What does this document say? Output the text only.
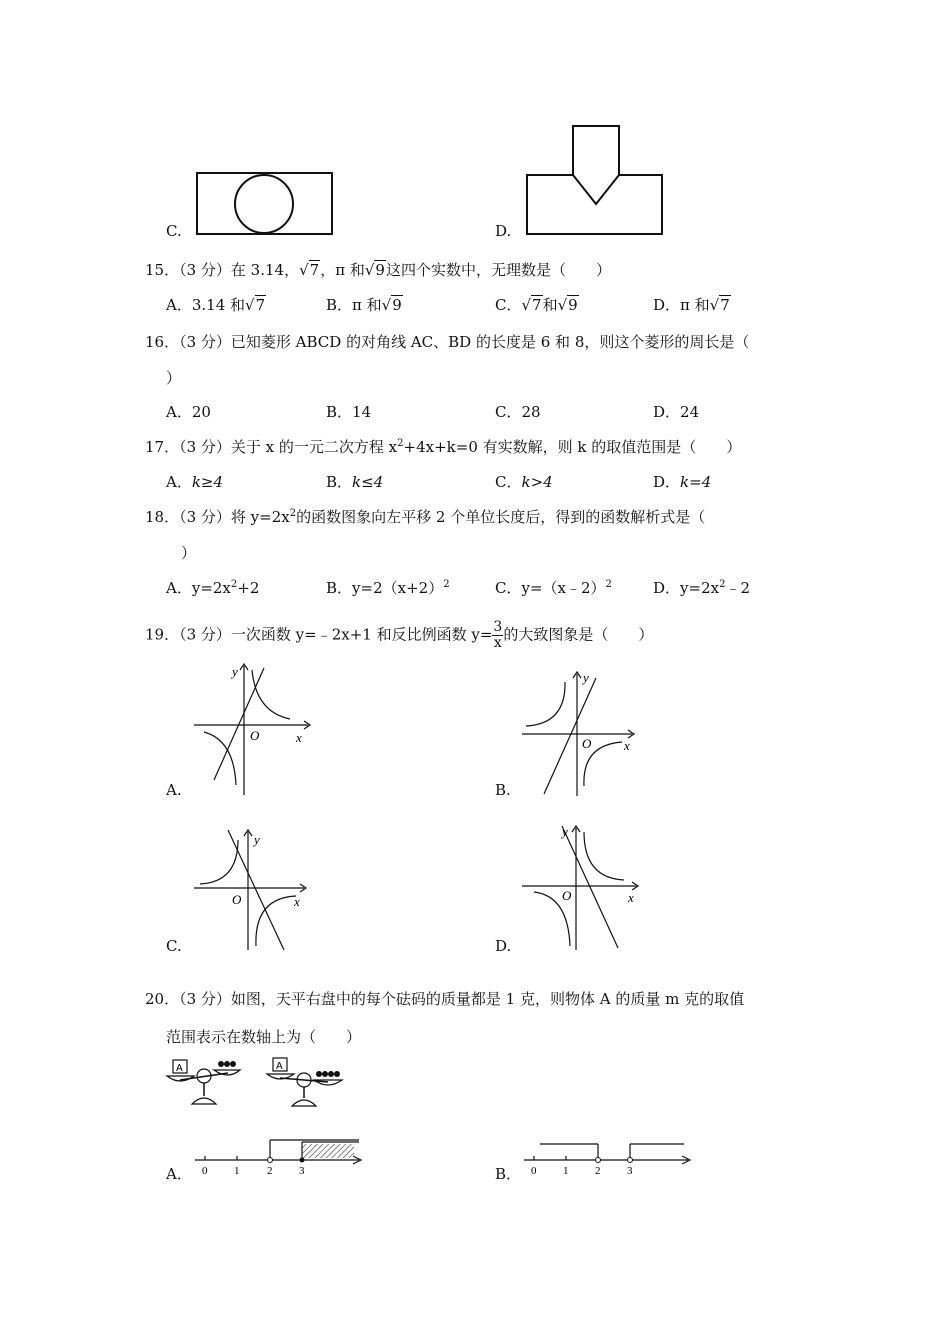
C.	D.
15．（3 分）在 3.14，√7，π 和√9这四个实数中，无理数是（　　）
A．3.14 和√7	B．π 和√9	C．√7和√9	D．π 和√7
16．（3 分）已知菱形 ABCD 的对角线 AC、BD 的长度是 6 和 8，则这个菱形的周长是（
）
A．20	B．14	C．28	D．24
17．（3 分）关于 x 的一元二次方程 $x^2+4x+k=0$ 有实数解，则 k 的取值范围是（　　）
A．k≥4	B．k≤4	C．k>4	D．k=4
18．（3 分）将 $y=2x^2$的函数图象向左平移 2 个单位长度后，得到的函数解析式是（
）
A．$y=2x^2+2$	B．$y=2(x+2)^2$	C．y=（x﹣2）$^2$	D．$y=2x^2﹣2$
19．（3 分）一次函数 y=﹣2x+1 和反比例函数 $y= \frac{3}{x}$ 的大致图象是（　　）
A.
y
x
O
B.
y
x
O
C.
y
x
O
D.
y
x
O
20．（3 分）如图，天平右盘中的每个砝码的质量都是 1 克，则物体 A 的质量 m 克的取值
范围表示在数轴上为（　　）
A	A
A． 0 1	2 3	B． 0 1 2 3
